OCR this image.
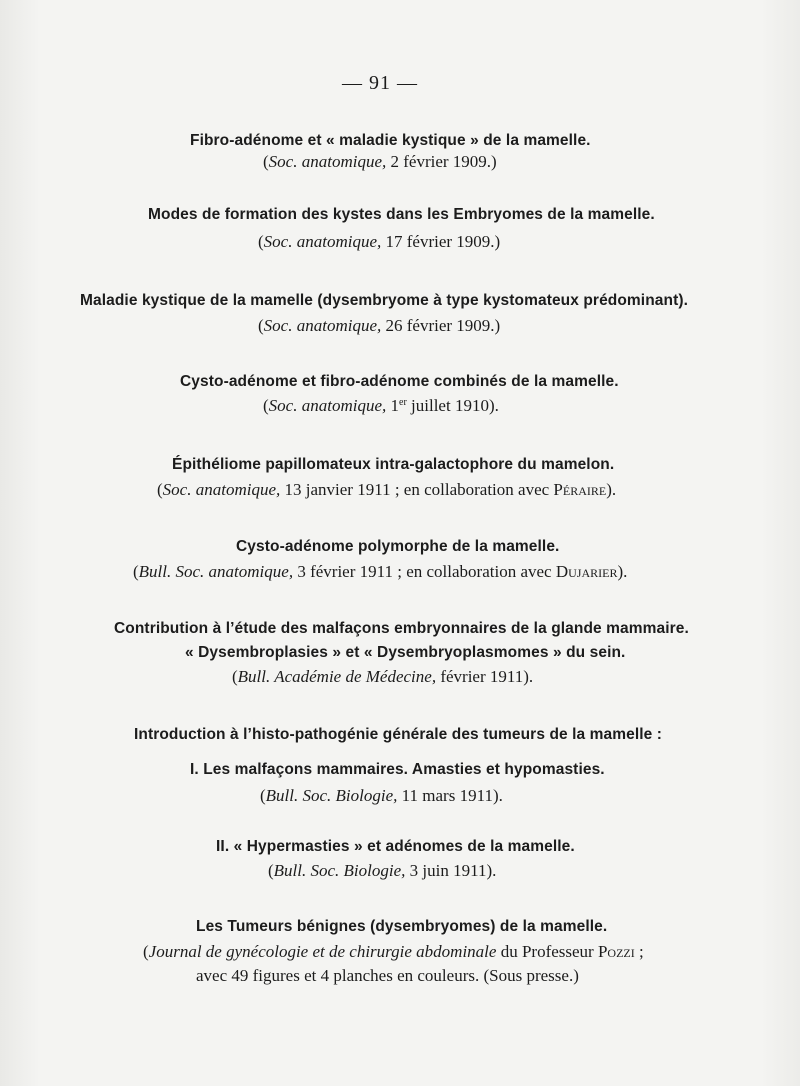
— 91 —
Fibro-adénome et « maladie kystique » de la mamelle.
(Soc. anatomique, 2 février 1909.)
Modes de formation des kystes dans les Embryomes de la mamelle.
(Soc. anatomique, 17 février 1909.)
Maladie kystique de la mamelle (dysembryome à type kystomateux prédominant).
(Soc. anatomique, 26 février 1909.)
Cysto-adénome et fibro-adénome combinés de la mamelle.
(Soc. anatomique, 1er juillet 1910).
Épithéliome papillomateux intra-galactophore du mamelon.
(Soc. anatomique, 13 janvier 1911 ; en collaboration avec Péraire).
Cysto-adénome polymorphe de la mamelle.
(Bull. Soc. anatomique, 3 février 1911 ; en collaboration avec Dujarier).
Contribution à l’étude des malfaçons embryonnaires de la glande mammaire.
« Dysembroplasies » et « Dysembryoplasmomes » du sein.
(Bull. Académie de Médecine, février 1911).
Introduction à l’histo-pathogénie générale des tumeurs de la mamelle :
I. Les malfaçons mammaires. Amasties et hypomasties.
(Bull. Soc. Biologie, 11 mars 1911).
II. « Hypermasties » et adénomes de la mamelle.
(Bull. Soc. Biologie, 3 juin 1911).
Les Tumeurs bénignes (dysembryomes) de la mamelle.
(Journal de gynécologie et de chirurgie abdominale du Professeur Pozzi ;
avec 49 figures et 4 planches en couleurs. (Sous presse.)
